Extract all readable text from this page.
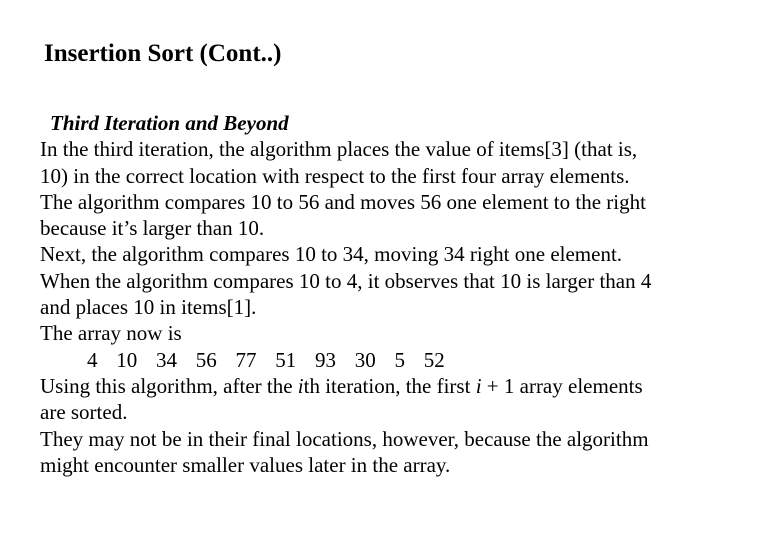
Insertion Sort (Cont..)
Third Iteration and Beyond
In the third iteration, the algorithm places the value of items[3] (that is,
10) in the correct location with respect to the first four array elements.
The algorithm compares 10 to 56 and moves 56 one element to the right
because it’s larger than 10.
Next, the algorithm compares 10 to 34, moving 34 right one element.
When the algorithm compares 10 to 4, it observes that 10 is larger than 4
and places 10 in items[1].
The array now is
4 10 34 56 77 51 93 30 5 52
Using this algorithm, after the ith iteration, the first i + 1 array elements
are sorted.
They may not be in their final locations, however, because the algorithm
might encounter smaller values later in the array.
